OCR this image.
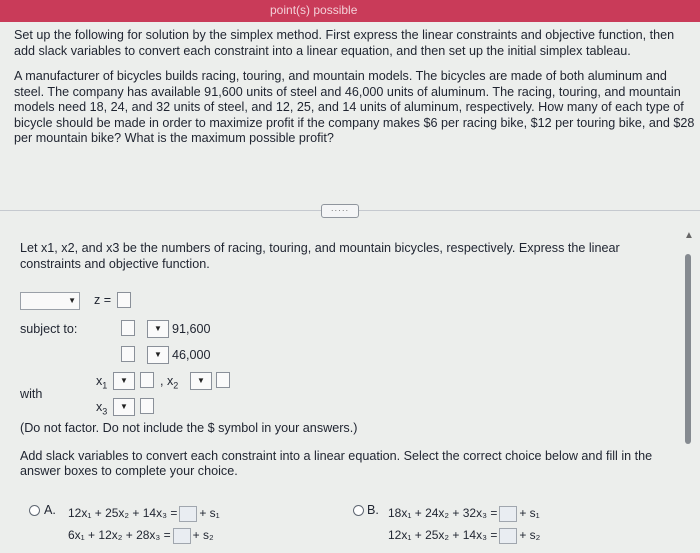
point(s) possible

Set up the following for solution by the simplex method. First express the linear constraints and objective function, then add slack variables to convert each constraint into a linear equation, and then set up the initial simplex tableau.

A manufacturer of bicycles builds racing, touring, and mountain models. The bicycles are made of both aluminum and steel. The company has available 91,600 units of steel and 46,000 units of aluminum. The racing, touring, and mountain models need 18, 24, and 32 units of steel, and 12, 25, and 14 units of aluminum, respectively. How many of each type of bicycle should be made in order to maximize profit if the company makes $6 per racing bike, $12 per touring bike, and $28 per mountain bike? What is the maximum possible profit?

·····
▲
Let x1, x2, and x3 be the numbers of racing, touring, and mountain bicycles, respectively. Express the linear constraints and objective function.
▼ z =
subject to:	▼ 91,600
▼ 46,000
with
$x_1$
▼	, $x_2$
▼
$x_3$
▼
(Do not factor. Do not include the $ symbol in your answers.)
Add slack variables to convert each constraint into a linear equation. Select the correct choice below and fill in the answer boxes to complete your choice.
A. 12x₁ + 25x₂ + 14x₃ = + s₁
6x₁ + 12x₂ + 28x₃ = + s₂
B. 18x₁ + 24x₂ + 32x₃ = + s₁
12x₁ + 25x₂ + 14x₃ = + s₂
